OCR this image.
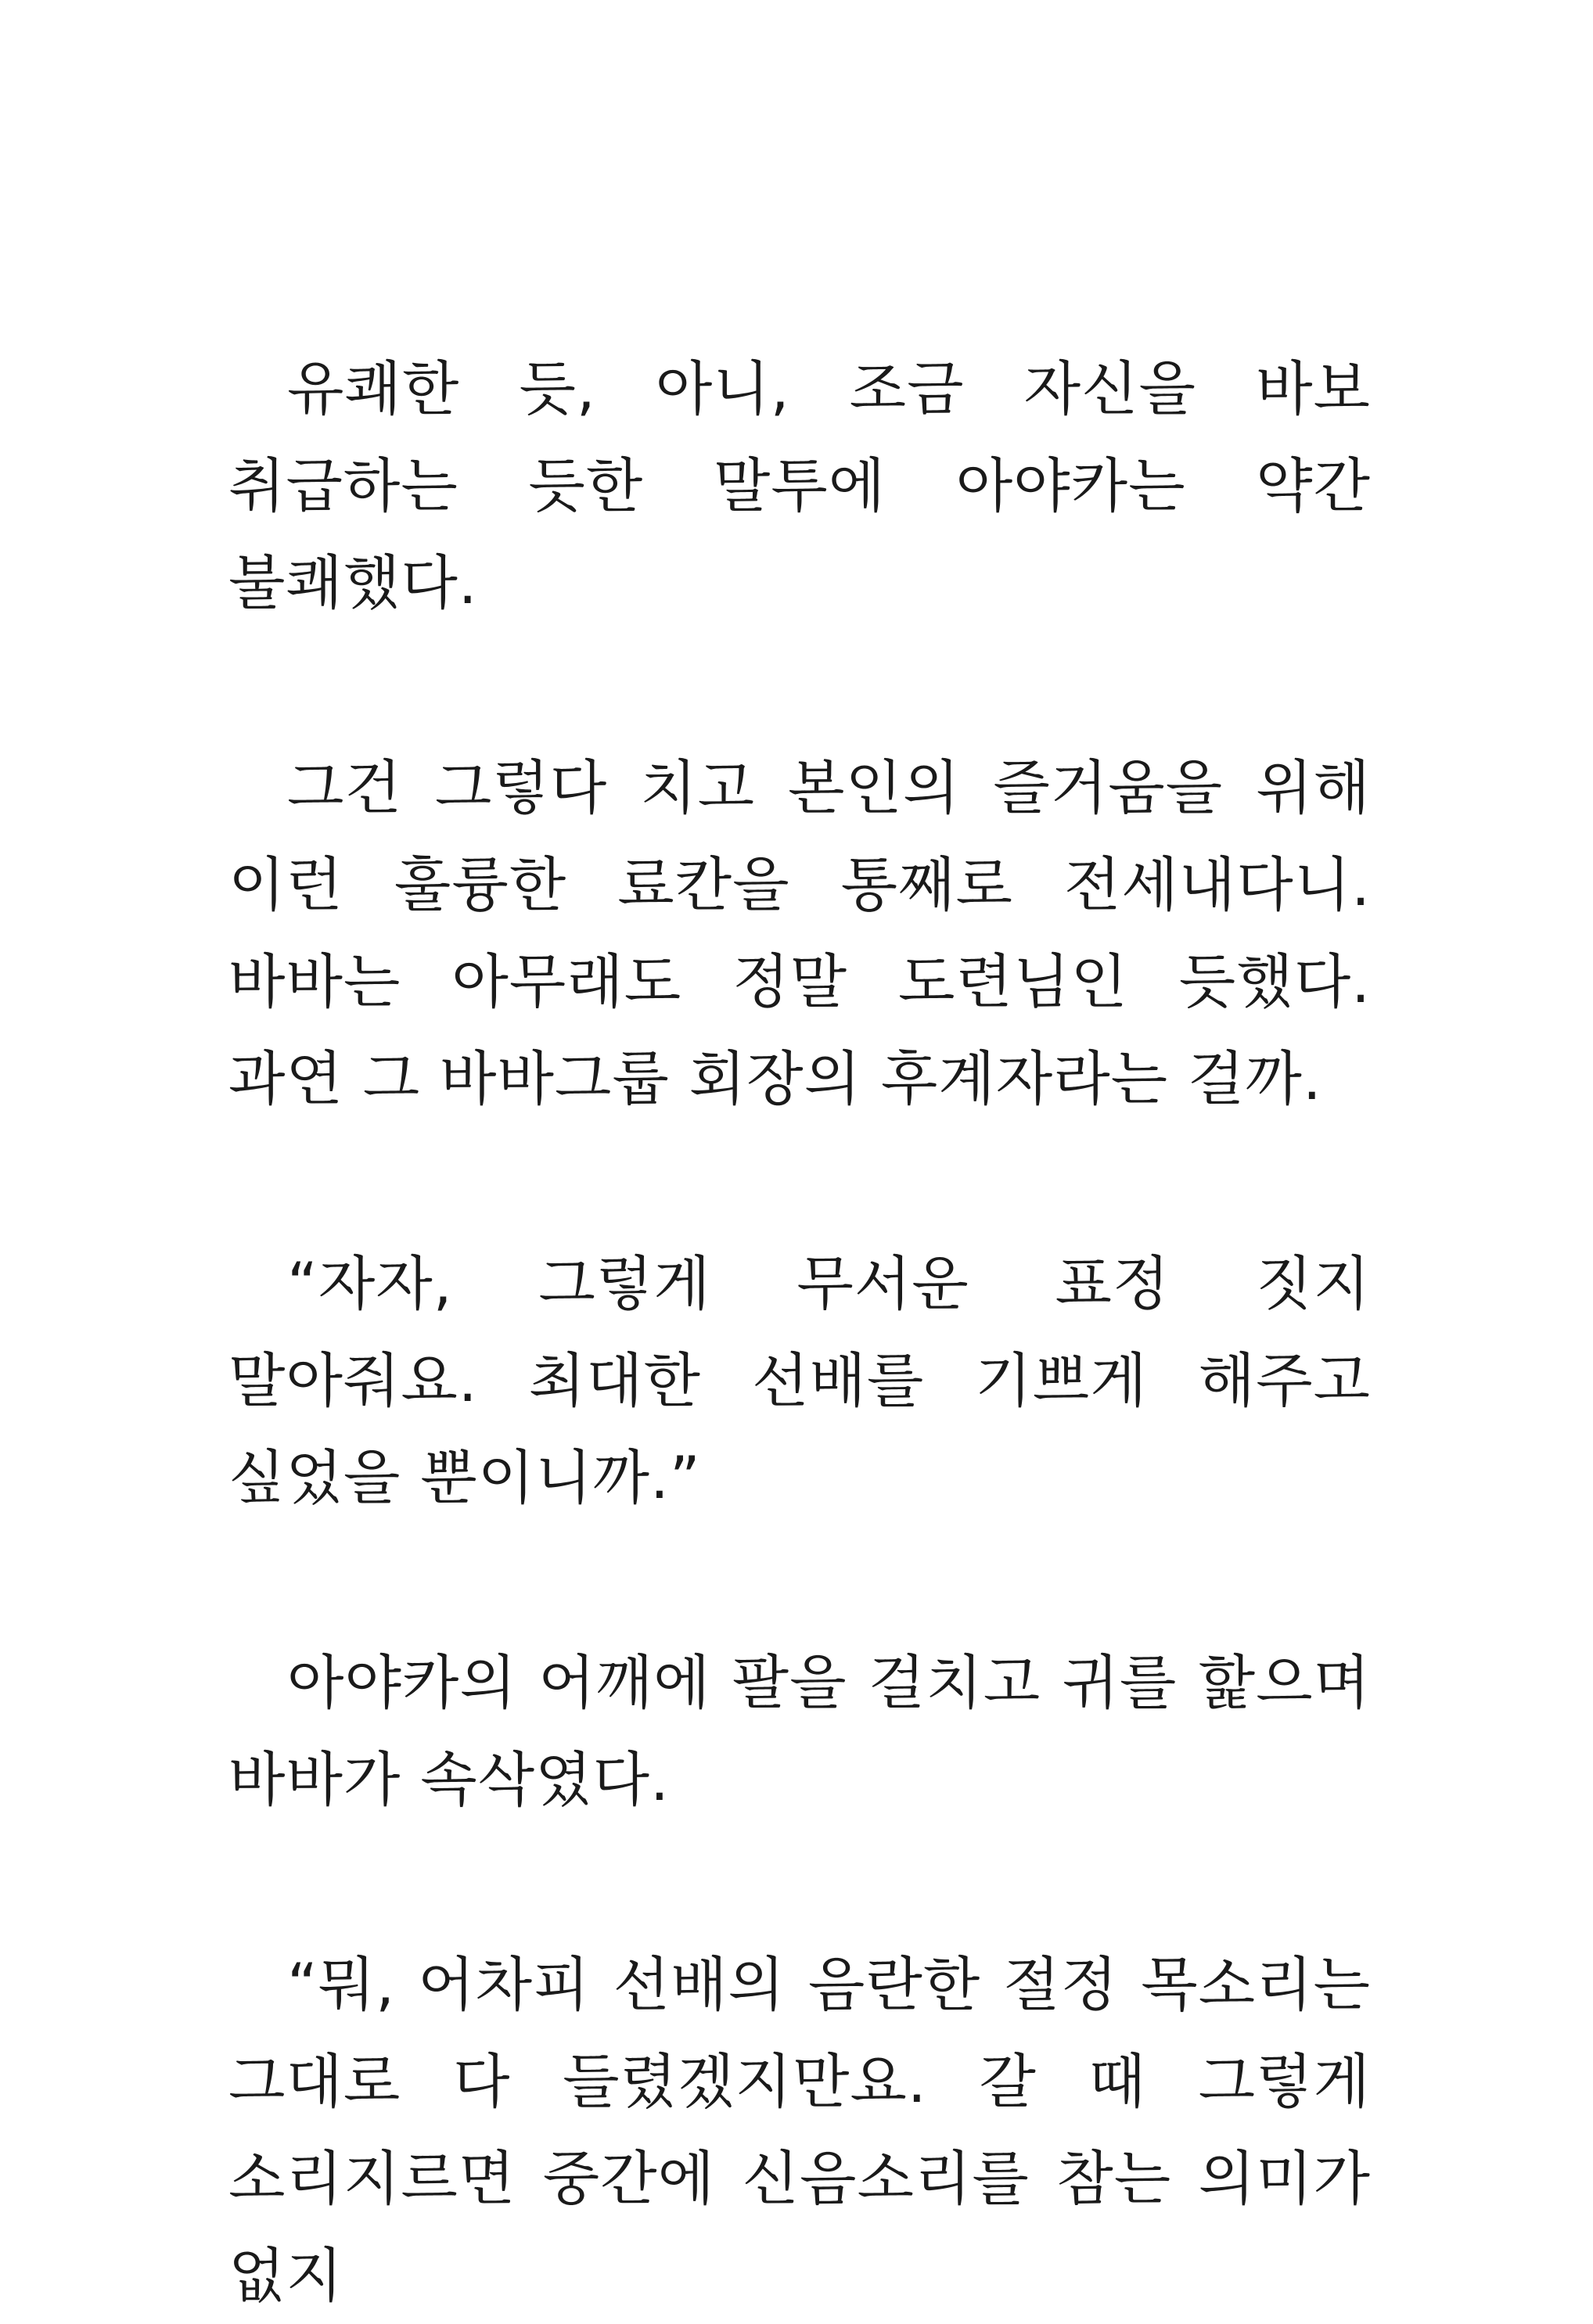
유쾌한 듯, 아니, 조금 자신을 바보 취급하는 듯한 말투에 아야카는 약간 불쾌했다.

그건 그렇다 치고 본인의 즐거움을 위해 이런 훌륭한 료칸을 통째로 전세내다니. 바바는 아무래도 정말 도련님인 듯했다. 과연 그 바바그룹 회장의 후계자라는 걸까.

“자자, 그렇게 무서운 표정 짓지 말아줘요. 최대한 선배를 기쁘게 해주고 싶었을 뿐이니까.”

아야카의 어깨에 팔을 걸치고 귀를 핥으며 바바가 속삭였다.

“뭐, 어차피 선배의 음란한 절정 목소리는 그대로 다 들렸겠지만요. 갈 때 그렇게 소리지르면 중간에 신음소리를 참는 의미가 없지
